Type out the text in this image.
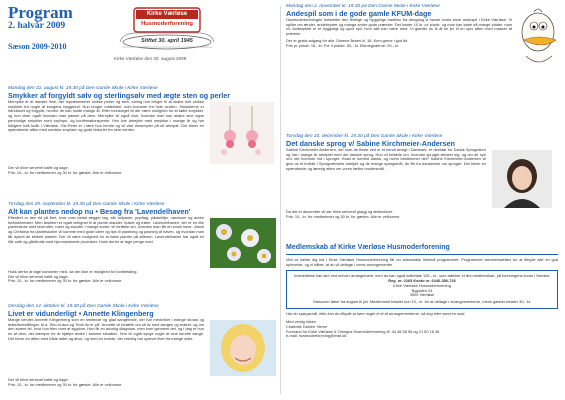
Program
2. halvår 2009
Sæson 2009-2010
Kirke Værløse
Husmoderforening
Stiftet 30. april 1945
Kirke Værløse den 20. august 2009
Mandag den 31. august kl. 19.30 på Den Gamle Skole i Kirke Værløse
Smykker af forgyldt sølv og sterlingsølv med ægte sten og perler
Mernyike er at danske lime, der repræsenterer unikke perler og sten, tuning hun bruger til at skabe helt unikke smykker fra nogle af kongens baggrund. Hun bruger materialer, som kommer fra hele verden. Smykkerne er håndlavet og forgyldt, hvorfor de kan holde mange år. Efter foredraget vil der være mulighed for at købe smykker, og hun viser også hvordan man passer på dem. Mernyike vil også vise, hvordan man kan skabe sine egne personlige smykker med bryllups- og konfirmationsperler. Hun har arbejdet med smykker i mange år og har tidligere haft butik i Værløse. Ole-Peter er i lære hos hende og vil vise eksempler på sit arbejde. Det bliver en spændende aften med smukke smykker og gode historier fra hele verden.
Der vil blive serveret kaffe og kage.
Pris: 10,- kr. for medlemmer og 30 kr. for gæster. Alle er velkomne.
Tirsdag den 29. september kl. 19.30 på Den Gamle Skole i Kirke Værløse
Alt kan plantes nedop nu • Besøg fra 'Lavendelhaven'
Efteråret er den tid på året, hvor man bedst lægger løg, sår tulipaner, prydløg, påskeliljer, narcisser og andre forårsblomster. Men årstiden er også velegnet til at plante stauder, buske og træer. Lavendelhaven, der er en lille planteskole med lavendler, roser og stauder i mange sorter, vil fortælle om, hvordan man får en smuk have. Jakob og Christina fra planteskolen vil komme med gode ideer og tips til plantning og pasning af haven, og hvordan man får dyrket de bedste planter. Der vil være mulighed for at købe planter på aftenen. Lavendelhaven har også en lille café og gårdbutik med hjemmelavede produkter. Husk derfor at tage penge med.
Husk derfor at tage kontanter med, da der ikke er mulighed for kortbetaling.
Der vil blive serveret kaffe og kage.
Pris: 10,- kr. for medlemmer og 30 kr. for gæster. Alle er velkomne.
Onsdag den 14. oktober kl. 19.30 på Den Gamle Skole i Kirke Værløse
Livet er vidunderligt • Annette Klingenberg
Mange kender Annette Klingenberg som en smilende og glad sangerinde, der har medvirket i mange shows og teaterforestillinger, bl.a. Shu-bi-dua og 'Smil du er på'. Annette vil fortælle om sit liv med sangen og teatret, og om den svære tid, hvor hun blev ramt af sygdom. Hun fik en alvorlig diagnose, men kom igennem det, og i dag er hun en af dem, der kæmper for at hjælpe andre i samme situation. Hun vil også synge nogle af sine kendte sange. Det bliver en aften med både latter og alvor, og med en kvinde, der virkelig har oplevet livet fra mange sider.
Der vil blive serveret kaffe og kage.
Pris: 10,- kr. for medlemmer og 30 kr. for gæster. Alle er velkomne.
Mandag den 2. november kl. 19.30 på Den Gamle Skole i Kirke Værløse
Andespil som i de gode gamle KFUM-dage
Husmoderforeningen fortsætter den festlige og hyggelige tradition fra dengang vi havde vores store andespil i Kirke Værløse. Vi spiller om ænder, andebryster og mange andre gode præmier. Det koster 10 kr. pr. plade, og man kan købe så mange plader, man vil. Andespillet er et hyggeligt og sjovt spil, hvor alle kan være med. Vi glæder os til at se jer til en sjov aften med masser af præmier.
Der er gratis adgang for alle. Dørene åbnes kl. 18. Kom gerne i god tid.
Pris pr. plade: 15,- kr. For 4 plader: 50,- kr. Elsmegoderne: 20,- kr.
Torsdag den 10. december kl. 19.30 på Den Gamle Skole i Kirke Værløse
Det danske sprog v/ Sabine Kirchmeier-Andersen
Sabine Kirchmeier-Andersen, der som de fleste ved er et kendt ansigt i Danmark, er direktør for Dansk Sprognævn og har i mange år arbejdet med det danske sprog. Hun vil fortælle om, hvordan sproget ændrer sig, og om de nye ord, der kommer ind i sproget. Hvad er korrekt dansk, og hvem bestemmer det? Sabine Kirchmeier-Andersen vil give os et indblik i Sprognævnets arbejde og de mange spørgsmål, de får fra danskerne om sproget. Det bliver en spændende og lærerig aften om vores fælles modersmål.
Da det er december vil der blive serveret gløgg og æbleskiver.
Pris: 10,- kr. for medlemmer og 30 kr. for gæster. Alle er velkomne.
Medlemskab af Kirke Værløse Husmoderforening
Ved at melde dig ind i Kirke Værløse Husmoderforening får du automatisk tilsendt programmet. Programmet sammensættes for at tilbyde alle en god oplevelse, og vi håber, at du vil deltage i vores arrangementer.
Indmeldelse kan ske ved enhver arrangement, men du kan også indbetale 125,- kr., som dækker et års medlemskab, på foreningens konto i Nordea:
Reg. nr. 2265 Konto nr. 6446-380-726
Kirke Værløse Husmoderforening
Bygaden 24
3500 Værløse
Sæsonen løber fra august til juli. Medlemmet betaler kun 10,- kr. for at deltage i arrangementerne, mens gæster betaler 30,- kr.
Har du spørgsmål, eller kan du tilbyde at køre nogle til et af arrangementerne, så ring eller send en mail.
Med venlig hilsen
Charlotte Dahlerr Herne
Formand for Kirke Værløse & Omegns Husmoderforening tlf. 44 48 56 56 og 21 60 18 36
e-mail: husmoderforening@mail.dk
